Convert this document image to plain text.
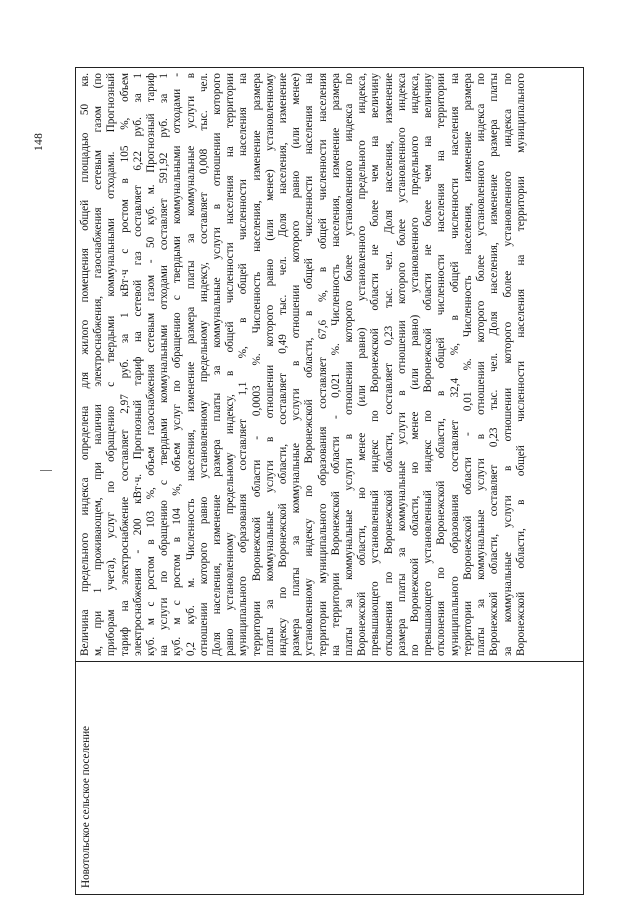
148
Новотольское сельское поселение
Величина предельного индекса определена для жилого помещения общей площадью 50 кв. м, при 1 проживающем, при наличии электроснабжения, газоснабжения сетевым газом (по приборам учета), услуг по обращению с твердыми коммунальными отходами. Прогнозный тариф на электроснабжение составляет 2,97 руб. за 1 кВт·ч с ростом в 105 %, объем электроснабжения - 200 кВт·ч. Прогнозный тариф на сетевой газ составляет 6,22 руб. за 1 куб. м с ростом в 103 %, объем газоснабжения сетевым газом - 50 куб. м. Прогнозный тариф на услуги по обращению с твердыми коммунальными отходами составляет 591,92 руб. за 1 куб. м с ростом в 104 %, объем услуг по обращению с твердыми коммунальными отходами - 0,2 куб. м. Численность населения, изменение размера платы за коммунальные услуги в отношении которого равно установленному предельному индексу, составляет 0,008 тыс. чел. Доля населения, изменение размера платы за коммунальные услуги в отношении которого равно установленному предельному индексу, в общей численности населения на территории муниципального образования составляет 1,1 %, в общей численности населения на территории Воронежской области - 0,0003 %. Численность населения, изменение размера платы за коммунальные услуги в отношении которого равно (или менее) установленному индексу по Воронежской области, составляет 0,49 тыс. чел. Доля населения, изменение размера платы за коммунальные услуги в отношении которого равно (или менее) установленному индексу по Воронежской области, в общей численности населения на территории муниципального образования составляет 67,6 %, в общей численности населения на территории Воронежской области - 0,021 %. Численность населения, изменение размера платы за коммунальные услуги в отношении которого более установленного индекса по Воронежской области, но менее (или равно) установленного предельного индекса, превышающего установленный индекс по Воронежской области не более чем на величину отклонения по Воронежской области, составляет 0,23 тыс. чел. Доля населения, изменение размера платы за коммунальные услуги в отношении которого более установленного индекса по Воронежской области, но менее (или равно) установленного предельного индекса, превышающего установленный индекс по Воронежской области не более чем на величину отклонения по Воронежской области, в общей численности населения на территории муниципального образования составляет 32,4 %, в общей численности населения на территории Воронежской области - 0,01 %. Численность населения, изменение размера платы за коммунальные услуги в отношении которого более установленного индекса по Воронежской области, составляет 0,23 тыс. чел. Доля населения, изменение размера платы за коммунальные услуги в отношении которого более установленного индекса по Воронежской области, в общей численности населения на территории муниципального
